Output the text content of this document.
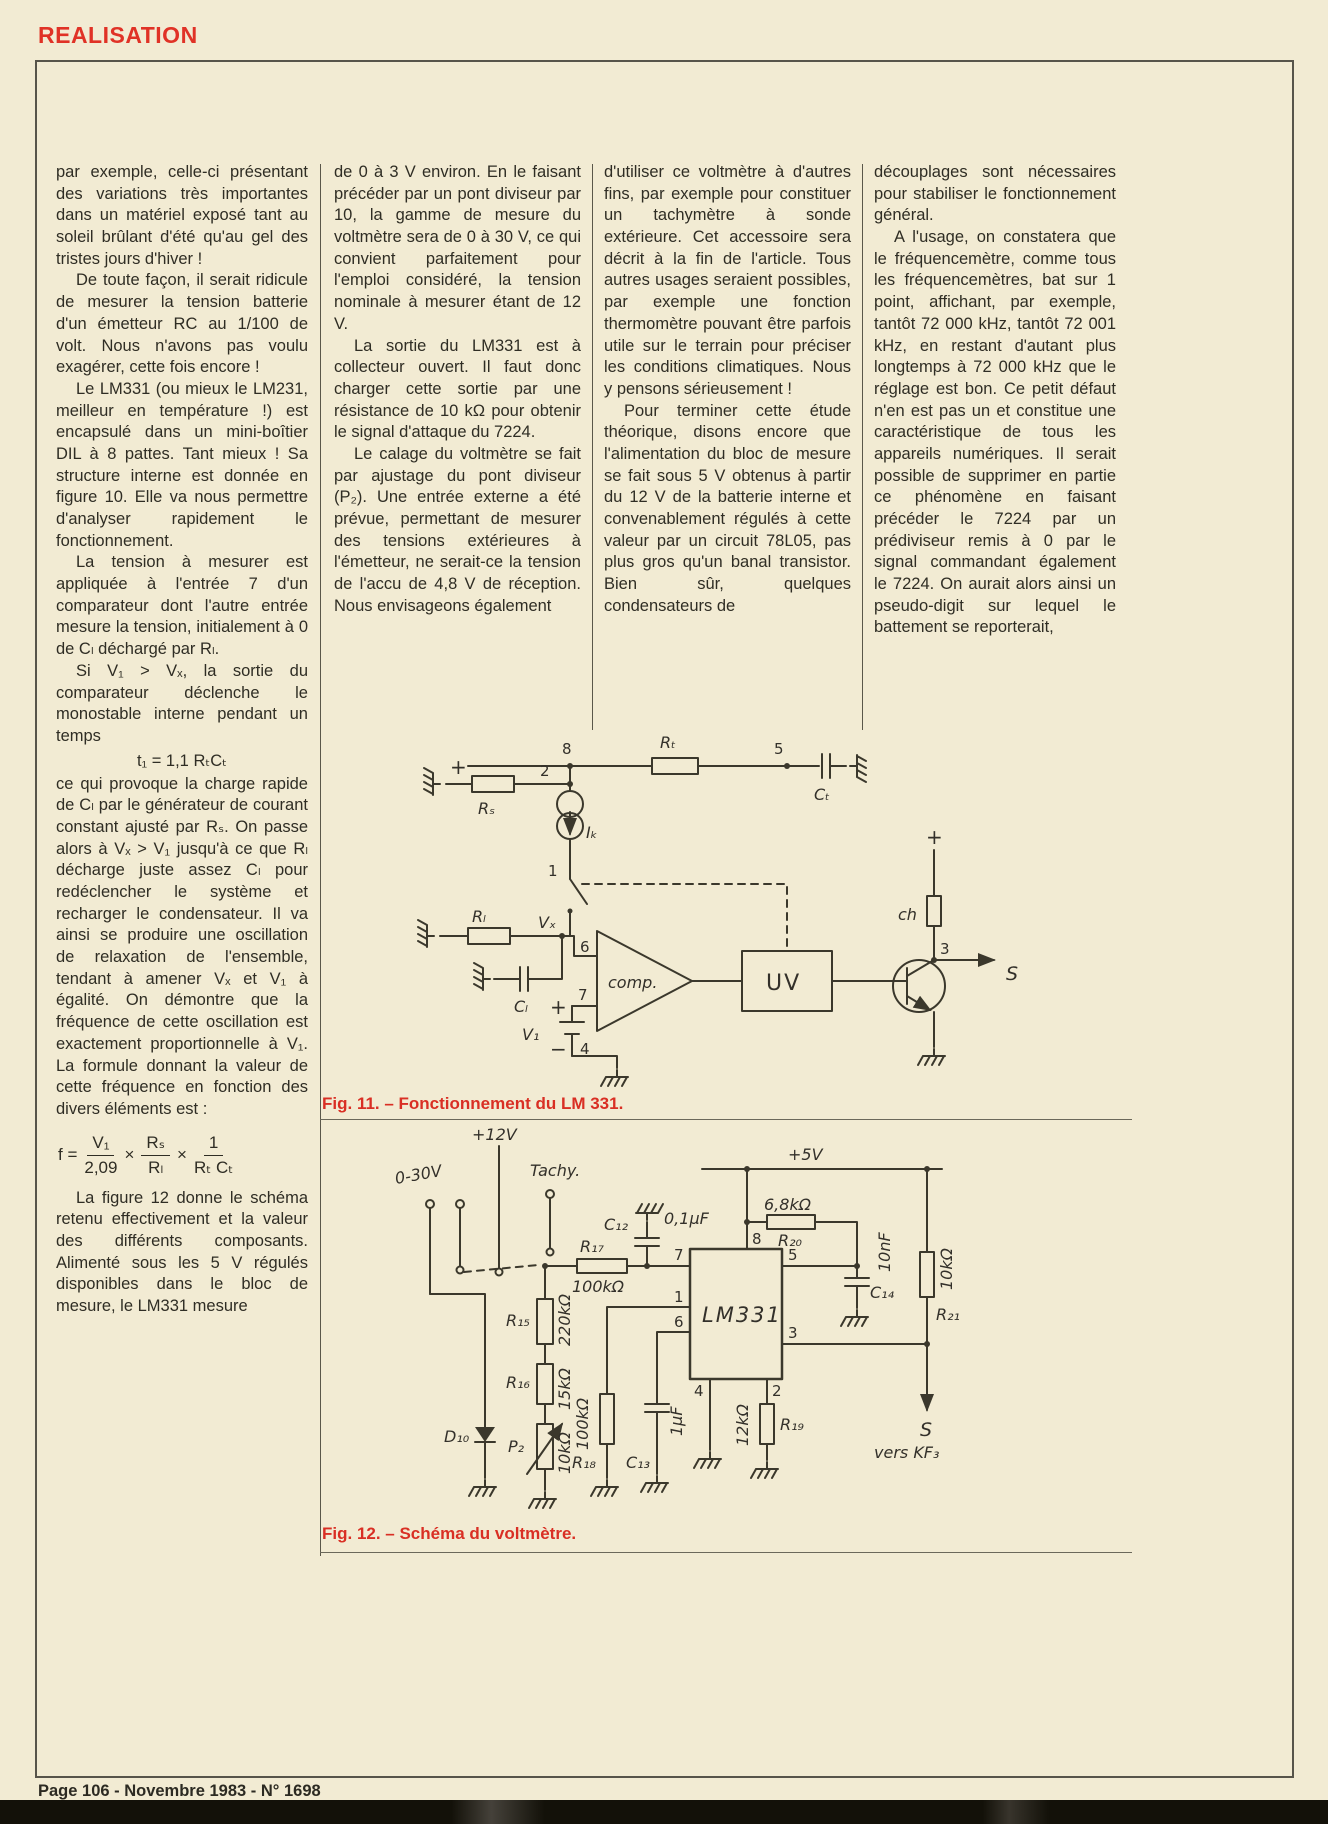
REALISATION

par exemple, celle-ci présentant des variations très importantes dans un matériel exposé tant au soleil brûlant d'été qu'au gel des tristes jours d'hiver !

De toute façon, il serait ridicule de mesurer la tension batterie d'un émetteur RC au 1/100 de volt. Nous n'avons pas voulu exagérer, cette fois encore !

Le LM331 (ou mieux le LM231, meilleur en température !) est encapsulé dans un mini-boîtier DIL à 8 pattes. Tant mieux ! Sa structure interne est donnée en figure 10. Elle va nous permettre d'analyser rapidement le fonctionnement.

La tension à mesurer est appliquée à l'entrée 7 d'un comparateur dont l'autre entrée mesure la tension, initialement à 0 de Cₗ déchargé par Rₗ.

Si V₁ > Vₓ, la sortie du comparateur déclenche le monostable interne pendant un temps

t₁ = 1,1 RₜCₜ

ce qui provoque la charge rapide de Cₗ par le générateur de courant constant ajusté par Rₛ. On passe alors à Vₓ > V₁ jusqu'à ce que Rₗ décharge juste assez Cₗ pour redéclencher le système et recharger le condensateur. Il va ainsi se produire une oscillation de relaxation de l'ensemble, tendant à amener Vₓ et V₁ à égalité. On démontre que la fréquence de cette oscillation est exactement proportionnelle à V₁. La formule donnant la valeur de cette fréquence en fonction des divers éléments est :

$f = \frac{\text{V₁}}{2,09} \times \frac{\text{Rₛ}}{\text{Rₗ}} \times \frac{1}{\text{Rₜ Cₜ}}$

La figure 12 donne le schéma retenu effectivement et la valeur des différents composants. Alimenté sous les 5 V régulés disponibles dans le bloc de mesure, le LM331 mesure

de 0 à 3 V environ. En le faisant précéder par un pont diviseur par 10, la gamme de mesure du voltmètre sera de 0 à 30 V, ce qui convient parfaitement pour l'emploi considéré, la tension nominale à mesurer étant de 12 V.

La sortie du LM331 est à collecteur ouvert. Il faut donc charger cette sortie par une résistance de 10 kΩ pour obtenir le signal d'attaque du 7224.

Le calage du voltmètre se fait par ajustage du pont diviseur (P₂). Une entrée externe a été prévue, permettant de mesurer des tensions extérieures à l'émetteur, ne serait-ce la tension de l'accu de 4,8 V de réception. Nous envisageons également

d'utiliser ce voltmètre à d'autres fins, par exemple pour constituer un tachymètre à sonde extérieure. Cet accessoire sera décrit à la fin de l'article. Tous autres usages seraient possibles, par exemple une fonction thermomètre pouvant être parfois utile sur le terrain pour préciser les conditions climatiques. Nous y pensons sérieusement !

Pour terminer cette étude théorique, disons encore que l'alimentation du bloc de mesure se fait sous 5 V obtenus à partir du 12 V de la batterie interne et convenablement régulés à cette valeur par un circuit 78L05, pas plus gros qu'un banal transistor. Bien sûr, quelques condensateurs de

découplages sont nécessaires pour stabiliser le fonctionnement général.

A l'usage, on constatera que le fréquencemètre, comme tous les fréquencemètres, bat sur 1 point, affichant, par exemple, tantôt 72 000 kHz, tantôt 72 001 kHz, en restant d'autant plus longtemps à 72 000 kHz que le réglage est bon. Ce petit défaut n'en est pas un et constitue une caractéristique de tous les appareils numériques. Il serait possible de supprimer en partie ce phénomène en faisant précéder le 7224 par un prédiviseur remis à 0 par le signal commandant également le 7224. On aurait alors ainsi un pseudo-digit sur lequel le battement se reporterait,

+
8	Rₜ	5
Cₜ
Iₖ
Rₛ
2
1
Rₗ	Vₓ
Cₗ
6
comp.
7
+
V₁
− 4
UV
ch
+
3
S
Fig. 11. – Fonctionnement du LM 331.
+12V
0-30V	Tachy.
D₁₀
R₁₇
100kΩ
C₁₂ 0,1µF
R₁₅ 220kΩ
R₁₆ 15kΩ
P₂ 10kΩ
LM331
7
8
+5V
6,8kΩ
R₂₀
5
C₁₄
10nF	10kΩ
R₂₁
3
S
vers KF₃
1
100kΩ
R₁₈
6
1µF
C₁₃
4	2
12kΩ R₁₉
Fig. 12. – Schéma du voltmètre.
Page 106 - Novembre 1983 - N° 1698
